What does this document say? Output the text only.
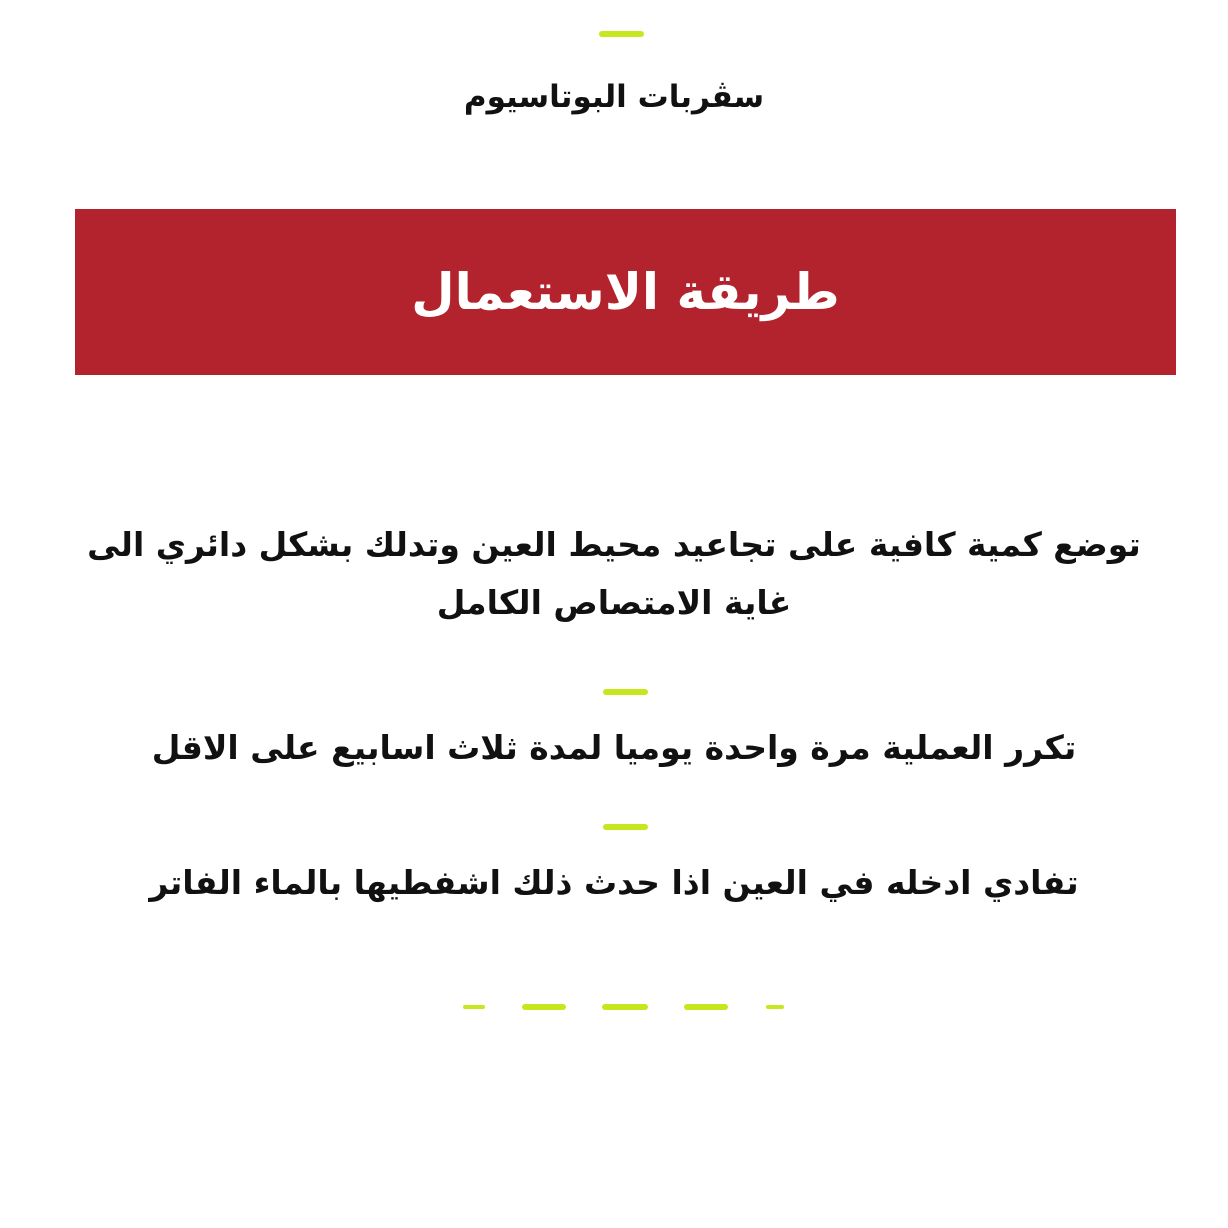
سڤربات البوتاسيوم
طريقة الاستعمال
توضع كمية كافية على تجاعيد محيط العين وتدلك بشكل دائري الى غاية الامتصاص الكامل
تكرر العملية مرة واحدة يوميا لمدة ثلاث اسابيع على الاقل
تفادي ادخله في العين اذا حدث ذلك اشفطيها بالماء الفاتر
